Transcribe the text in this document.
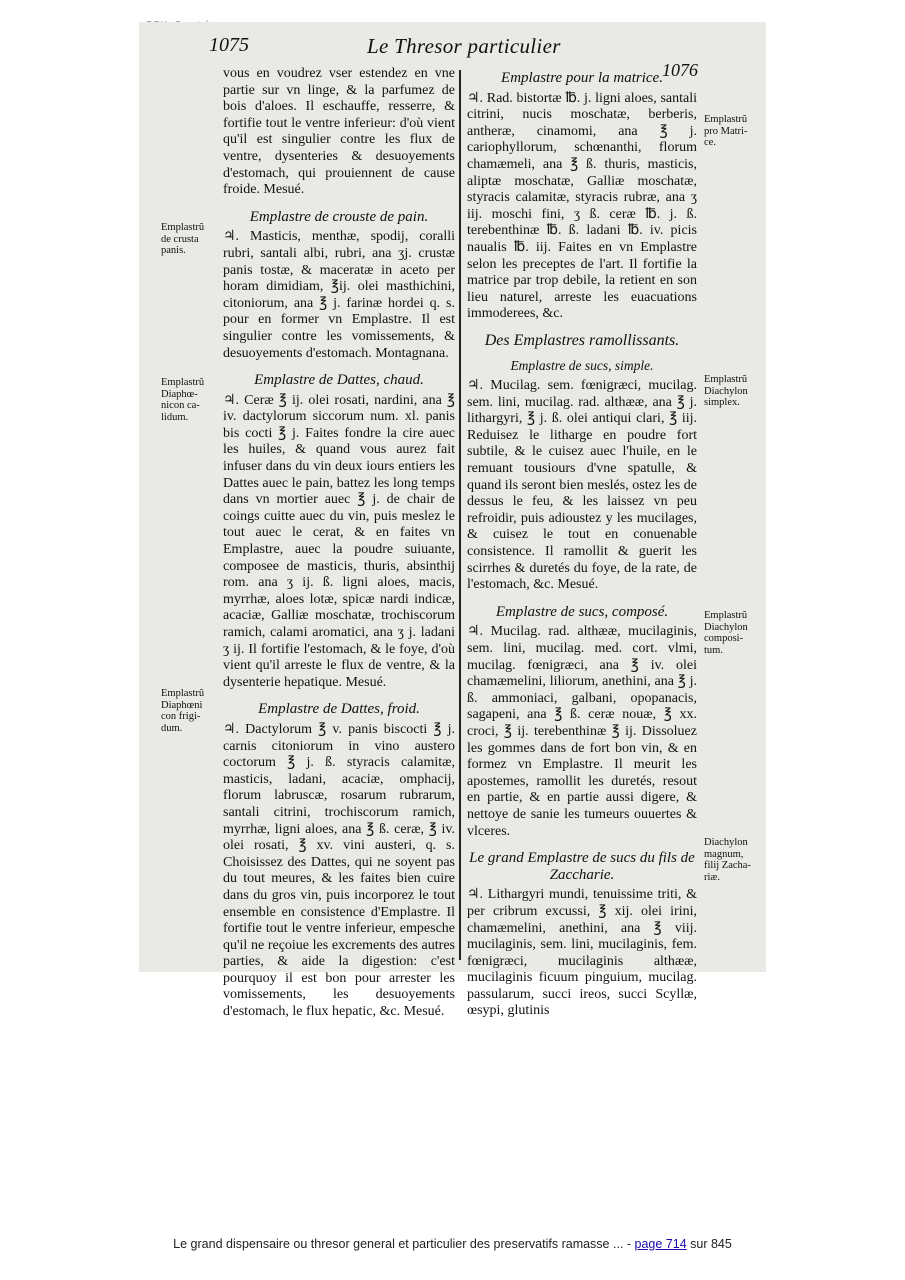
1075	Le Thresor particulier
1076

vous en voudrez vser estendez en vne partie sur vn linge, & la parfumez de bois d'aloes. Il eschauffe, resserre, & fortifie tout le ventre inferieur: d'où vient qu'il est singulier contre les flux de ventre, dysenteries & desuoyements d'estomach, qui prouiennent de cause froide. Mesué.

Emplastre de crouste de pain.

♃. Masticis, menthæ, spodij, coralli rubri, santali albi, rubri, ana ʒj. crustæ panis tostæ, & maceratæ in aceto per horam dimidiam, ℥ij. olei masthichini, citoniorum, ana ℥ j. farinæ hordei q. s. pour en former vn Emplastre. Il est singulier contre les vomissements, & desuoyements d'estomach. Montagnana.

Emplastre de Dattes, chaud.

♃. Ceræ ℥ ij. olei rosati, nardini, ana ℥ iv. dactylorum siccorum num. xl. panis bis cocti ℥ j. Faites fondre la cire auec les huiles, & quand vous aurez fait infuser dans du vin deux iours entiers les Dattes auec le pain, battez les long temps dans vn mortier auec ℥ j. de chair de coings cuitte auec du vin, puis meslez le tout auec le cerat, & en faites vn Emplastre, auec la poudre suiuante, composee de masticis, thuris, absinthij rom. ana ʒ ij. ß. ligni aloes, macis, myrrhæ, aloes lotæ, spicæ nardi indicæ, acaciæ, Galliæ moschatæ, trochiscorum ramich, calami aromatici, ana ʒ j. ladani ʒ ij. Il fortifie l'estomach, & le foye, d'où vient qu'il arreste le flux de ventre, & la dysenterie hepatique. Mesué.

Emplastre de Dattes, froid.

♃. Dactylorum ℥ v. panis biscocti ℥ j. carnis citoniorum in vino austero coctorum ℥ j. ß. styracis calamitæ, masticis, ladani, acaciæ, omphacij, florum labruscæ, rosarum rubrarum, santali citrini, trochiscorum ramich, myrrhæ, ligni aloes, ana ℥ ß. ceræ, ℥ iv. olei rosati, ℥ xv. vini austeri, q. s. Choisissez des Dattes, qui ne soyent pas du tout meures, & les faites bien cuire dans du gros vin, puis incorporez le tout ensemble en consistence d'Emplastre. Il fortifie tout le ventre inferieur, empesche qu'il ne reçoiue les excrements des autres parties, & aide la digestion: c'est pourquoy il est bon pour arrester les vomissements, les desuoyements d'estomach, le flux hepatic, &c. Mesué.

Emplastre pour la matrice.

♃. Rad. bistortæ ℔. j. ligni aloes, santali citrini, nucis moschatæ, berberis, antheræ, cinamomi, ana ℥ j. cariophyllorum, schœnanthi, florum chamæmeli, ana ℥ ß. thuris, masticis, aliptæ moschatæ, Galliæ moschatæ, styracis calamitæ, styracis rubræ, ana ʒ iij. moschi fini, ʒ ß. ceræ ℔. j. ß. terebenthinæ ℔. ß. ladani ℔. iv. picis naualis ℔. iij. Faites en vn Emplastre selon les preceptes de l'art. Il fortifie la matrice par trop debile, la retient en son lieu naturel, arreste les euacuations immoderees, &c.

Des Emplastres ramollissants.
Emplastre de sucs, simple.

♃. Mucilag. sem. fœnigræci, mucilag. sem. lini, mucilag. rad. althææ, ana ℥ j. lithargyri, ℥ j. ß. olei antiqui clari, ℥ iij. Reduisez le litharge en poudre fort subtile, & le cuisez auec l'huile, en le remuant tousiours d'vne spatulle, & quand ils seront bien meslés, ostez les de dessus le feu, & les laissez vn peu refroidir, puis adioustez y les mucilages, & cuisez le tout en conuenable consistence. Il ramollit & guerit les scirrhes & duretés du foye, de la rate, de l'estomach, &c. Mesué.

Emplastre de sucs, composé.

♃. Mucilag. rad. althææ, mucilaginis, sem. lini, mucilag. med. cort. vlmi, mucilag. fœnigræci, ana ℥ iv. olei chamæmelini, liliorum, anethini, ana ℥ j. ß. ammoniaci, galbani, opopanacis, sagapeni, ana ℥ ß. ceræ nouæ, ℥ xx. croci, ℥ ij. terebenthinæ ℥ ij. Dissoluez les gommes dans de fort bon vin, & en formez vn Emplastre. Il meurit les apostemes, ramollit les duretés, resout en partie, & en partie aussi digere, & nettoye de sanie les tumeurs ouuertes & vlceres.

Le grand Emplastre de sucs du fils de Zaccharie.

♃. Lithargyri mundi, tenuissime triti, & per cribrum excussi, ℥ xij. olei irini, chamæmelini, anethini, ana ℥ viij. mucilaginis, sem. lini, mucilaginis, fem. fœnigræci, mucilaginis althææ, mucilaginis ficuum pinguium, mucilag. passularum, succi ireos, succi Scyllæ, œsypi, glutinis

Emplastrũ
de crusta
panis.
Emplastrũ
Diaphœ-
nicon ca-
lidum.
Emplastrũ
Diaphœni
con frigi-
dum.
Emplastrũ
pro Matri-
ce.
Emplastrũ
Diachylon
simplex.
Emplastrũ
Diachylon
composi-
tum.
Diachylon
magnum,
filij Zacha-
riæ.
Le grand dispensaire ou thresor general et particulier des preservatifs ramasse ... - page 714 sur 845
